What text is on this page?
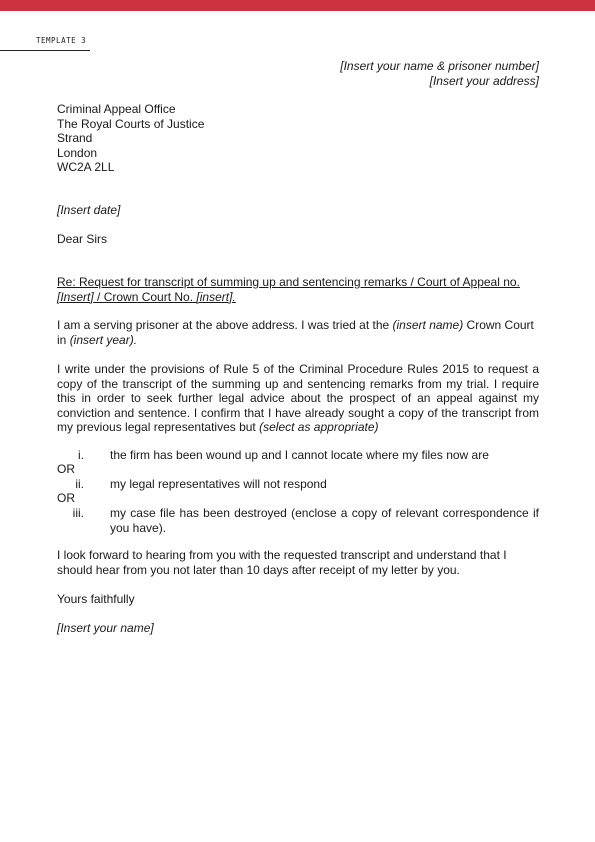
TEMPLATE 3
[Insert your name & prisoner number]
[Insert your address]
Criminal Appeal Office
The Royal Courts of Justice
Strand
London
WC2A 2LL
[Insert date]
Dear Sirs
Re: Request for transcript of summing up and sentencing remarks / Court of Appeal no. [Insert] / Crown Court No. [insert].
I am a serving prisoner at the above address. I was tried at the (insert name) Crown Court in (insert year).
I write under the provisions of Rule 5 of the Criminal Procedure Rules 2015 to request a copy of the transcript of the summing up and sentencing remarks from my trial. I require this in order to seek further legal advice about the prospect of an appeal against my conviction and sentence. I confirm that I have already sought a copy of the transcript from my previous legal representatives but (select as appropriate)
i. the firm has been wound up and I cannot locate where my files now are
OR
ii. my legal representatives will not respond
OR
iii. my case file has been destroyed (enclose a copy of relevant correspondence if you have).
I look forward to hearing from you with the requested transcript and understand that I should hear from you not later than 10 days after receipt of my letter by you.
Yours faithfully
[Insert your name]
